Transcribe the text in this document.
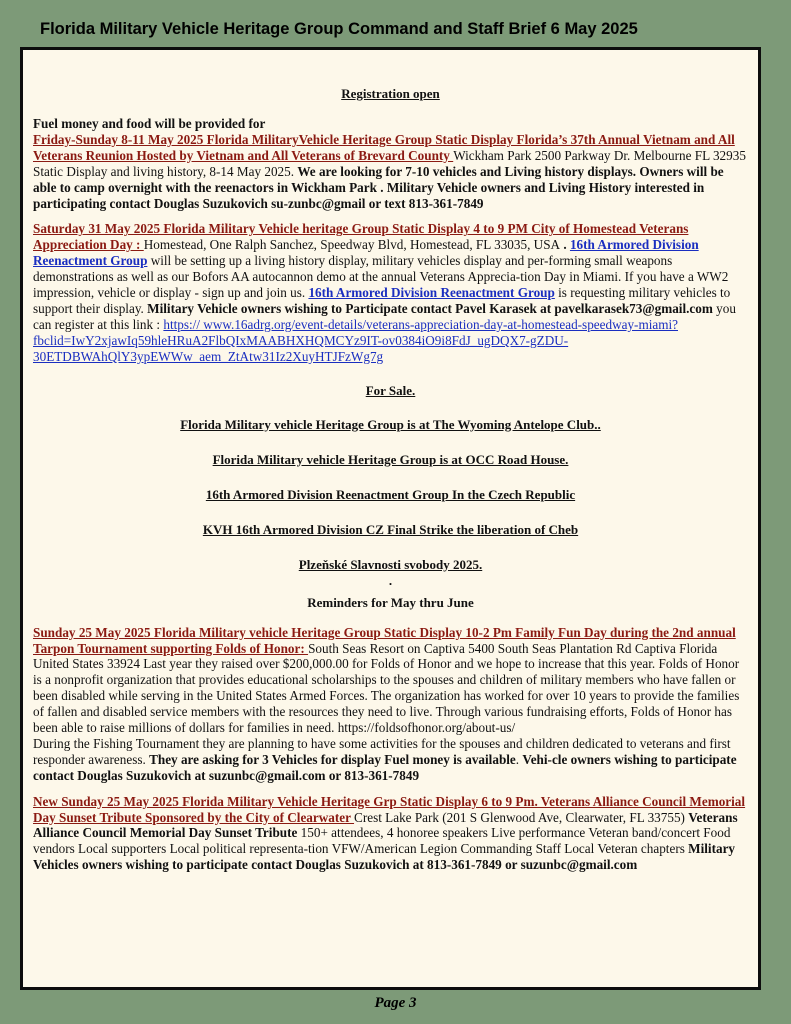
Florida Military Vehicle Heritage Group Command and Staff Brief 6 May 2025
Registration open

Fuel money and food will be provided for
Friday-Sunday 8-11 May 2025 Florida MilitaryVehicle Heritage Group Static Display Florida’s 37th Annual Vietnam and All Veterans Reunion Hosted by Vietnam and All Veterans of Brevard County Wickham Park 2500 Parkway Dr. Melbourne FL 32935 Static Display and living history, 8-14 May 2025. We are looking for 7-10 vehicles and Living history displays. Owners will be able to camp overnight with the reenactors in Wickham Park . Military Vehicle owners and Living History interested in participating contact Douglas Suzukovich su-zunbc@gmail or text 813-361-7849

Saturday 31 May 2025 Florida Military Vehicle heritage Group Static Display 4 to 9 PM City of Homestead Veterans Appreciation Day : Homestead, One Ralph Sanchez, Speedway Blvd, Homestead, FL 33035, USA . 16th Armored Division Reenactment Group will be setting up a living history display, military vehicles display and per-forming small weapons demonstrations as well as our Bofors AA autocannon demo at the annual Veterans Apprecia-tion Day in Miami. If you have a WW2 impression, vehicle or display - sign up and join us. 16th Armored Division Reenactment Group is requesting military vehicles to support their display. Military Vehicle owners wishing to Participate contact Pavel Karasek at pavelkarasek73@gmail.com you can register at this link : https:// www.16adrg.org/event-details/veterans-appreciation-day-at-homestead-speedway-miami? fbclid=IwY2xjawIq59hleHRuA2FlbQIxMAABHXHQMCYz9IT-ov0384iO9i8FdJ_ugDQX7-gZDU-30ETDBWAhQlY3ypEWWw_aem_ZtAtw31Iz2XuyHTJFzWg7g

For Sale.
Florida Military vehicle Heritage Group is at The Wyoming Antelope Club..
Florida Military vehicle Heritage Group is at OCC Road House.
16th Armored Division Reenactment Group In the Czech Republic
KVH 16th Armored Division CZ Final Strike the liberation of Cheb
Plzeňské Slavnosti svobody 2025.
.
Reminders for May thru June

Sunday 25 May 2025 Florida Military vehicle Heritage Group Static Display 10-2 Pm Family Fun Day during the 2nd annual Tarpon Tournament supporting Folds of Honor: South Seas Resort on Captiva 5400 South Seas Plantation Rd Captiva Florida United States 33924 Last year they raised over $200,000.00 for Folds of Honor and we hope to increase that this year. Folds of Honor is a nonprofit organization that provides educational scholarships to the spouses and children of military members who have fallen or been disabled while serving in the United States Armed Forces. The organization has worked for over 10 years to provide the families of fallen and disabled service members with the resources they need to live. Through various fundraising efforts, Folds of Honor has been able to raise millions of dollars for families in need. https://foldsofhonor.org/about-us/
During the Fishing Tournament they are planning to have some activities for the spouses and children dedicated to veterans and first responder awareness. They are asking for 3 Vehicles for display Fuel money is available. Vehi-cle owners wishing to participate contact Douglas Suzukovich at suzunbc@gmail.com or 813-361-7849

New Sunday 25 May 2025 Florida Military Vehicle Heritage Grp Static Display 6 to 9 Pm. Veterans Alliance Council Memorial Day Sunset Tribute Sponsored by the City of Clearwater Crest Lake Park (201 S Glenwood Ave, Clearwater, FL 33755) Veterans Alliance Council Memorial Day Sunset Tribute 150+ attendees, 4 honoree speakers Live performance Veteran band/concert Food vendors Local supporters Local political representa-tion VFW/American Legion Commanding Staff Local Veteran chapters Military
Vehicles owners wishing to participate contact Douglas Suzukovich at 813-361-7849 or suzunbc@gmail.com

Page 3
